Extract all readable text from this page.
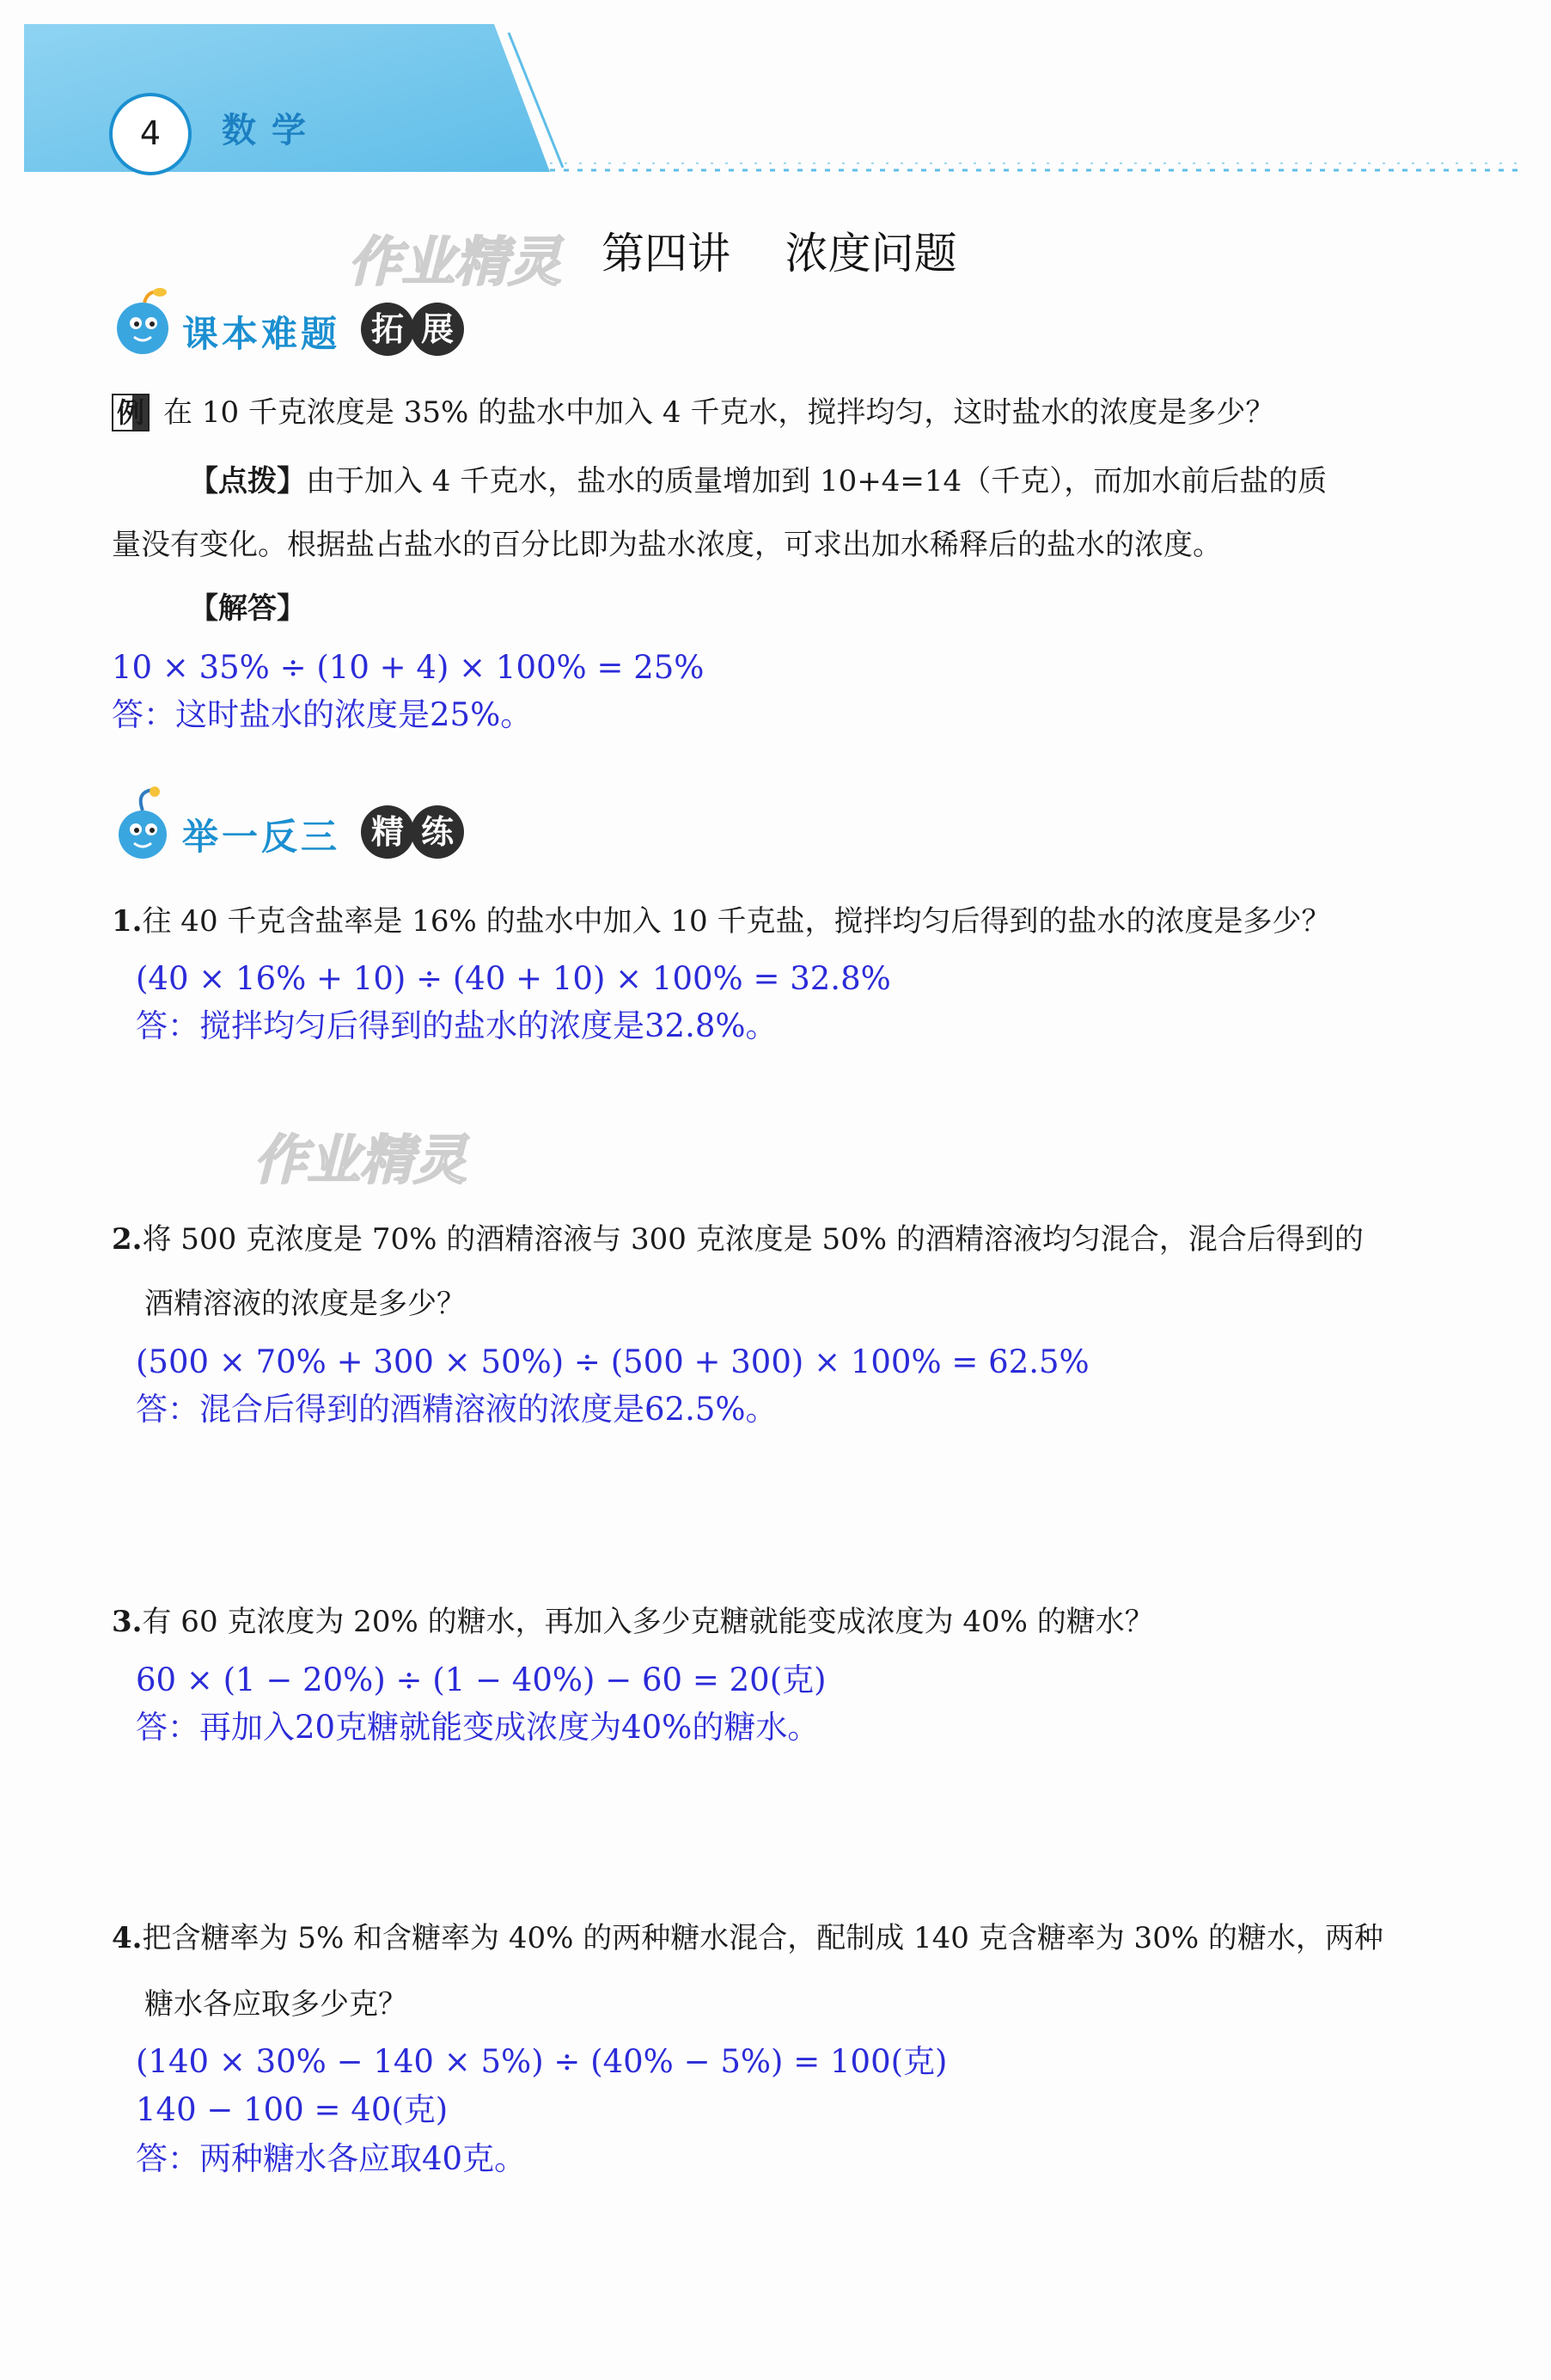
4	数学
作业精灵 第四讲    浓度问题
课本难题 拓 展
例 在 10 千克浓度是 35% 的盐水中加入 4 千克水，搅拌均匀，这时盐水的浓度是多少？
【点拨】由于加入 4 千克水，盐水的质量增加到 10+4=14（千克），而加水前后盐的质
量没有变化。根据盐占盐水的百分比即为盐水浓度，可求出加水稀释后的盐水的浓度。
【解答】
10 × 35% ÷ (10 + 4) × 100% = 25%
答：这时盐水的浓度是25%。
举一反三 精 练
1.往 40 千克含盐率是 16% 的盐水中加入 10 千克盐，搅拌均匀后得到的盐水的浓度是多少？
(40 × 16% + 10) ÷ (40 + 10) × 100% = 32.8%
答：搅拌均匀后得到的盐水的浓度是32.8%。
作业精灵
2.将 500 克浓度是 70% 的酒精溶液与 300 克浓度是 50% 的酒精溶液均匀混合，混合后得到的
酒精溶液的浓度是多少？
(500 × 70% + 300 × 50%) ÷ (500 + 300) × 100% = 62.5%
答：混合后得到的酒精溶液的浓度是62.5%。
3.有 60 克浓度为 20% 的糖水，再加入多少克糖就能变成浓度为 40% 的糖水？
60 × (1 − 20%) ÷ (1 − 40%) − 60 = 20(克)
答：再加入20克糖就能变成浓度为40%的糖水。
4.把含糖率为 5% 和含糖率为 40% 的两种糖水混合，配制成 140 克含糖率为 30% 的糖水，两种
糖水各应取多少克？
(140 × 30% − 140 × 5%) ÷ (40% − 5%) = 100(克)
140 − 100 = 40(克)
答：两种糖水各应取40克。
